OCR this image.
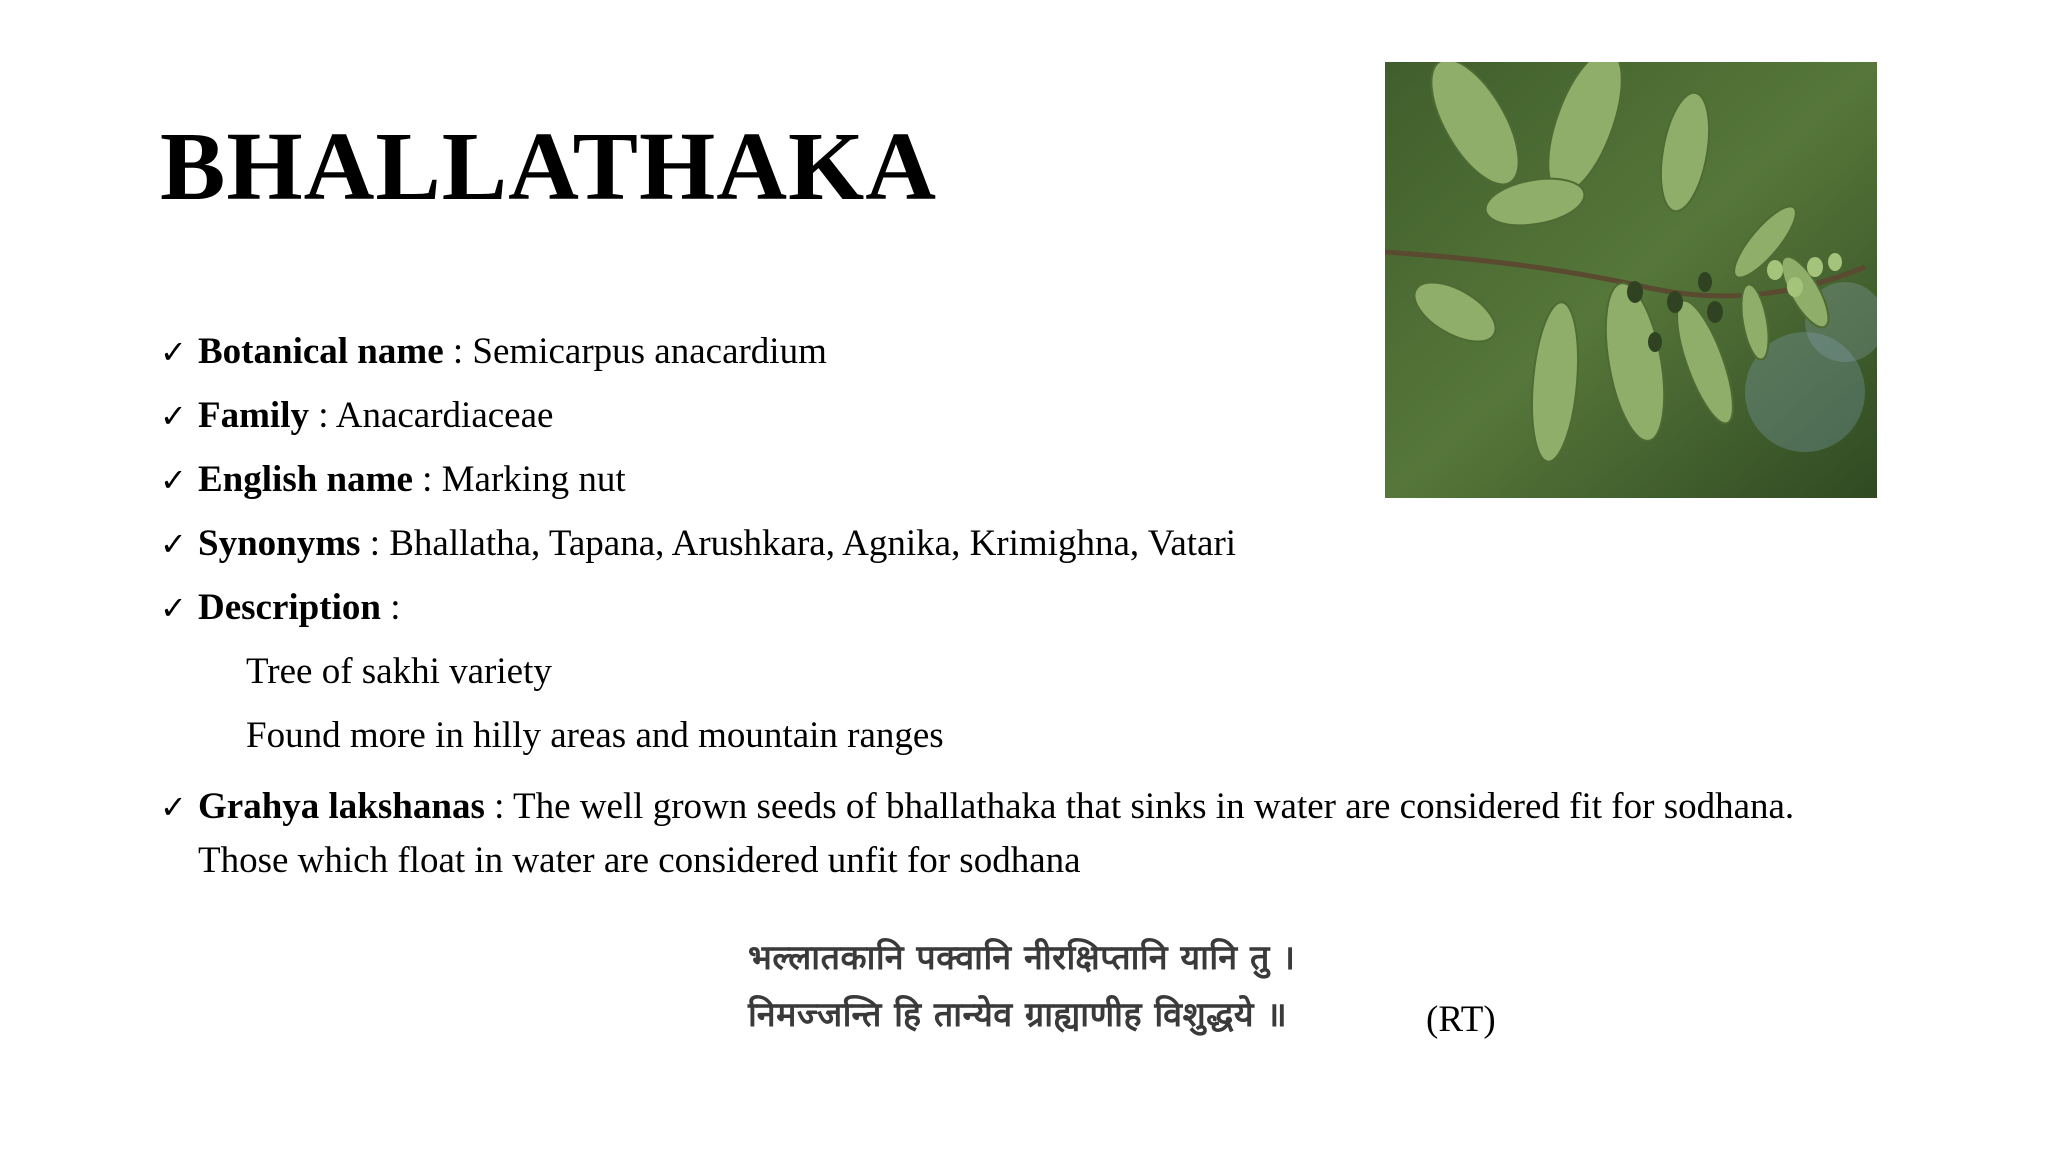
BHALLATHAKA
✓ Botanical name : Semicarpus anacardium
✓ Family : Anacardiaceae
✓ English name : Marking nut
✓ Synonyms : Bhallatha, Tapana, Arushkara, Agnika, Krimighna, Vatari
✓ Description :
Tree of sakhi variety
Found more in hilly areas and mountain ranges
✓ Grahya lakshanas : The well grown seeds of bhallathaka that sinks in water are considered fit for sodhana.
Those which float in water are considered unfit for sodhana
भल्लातकानि पक्वानि नीरक्षिप्तानि यानि तु ।
निमज्जन्ति हि तान्येव ग्राह्याणीह विशुद्धये ॥	(RT)
